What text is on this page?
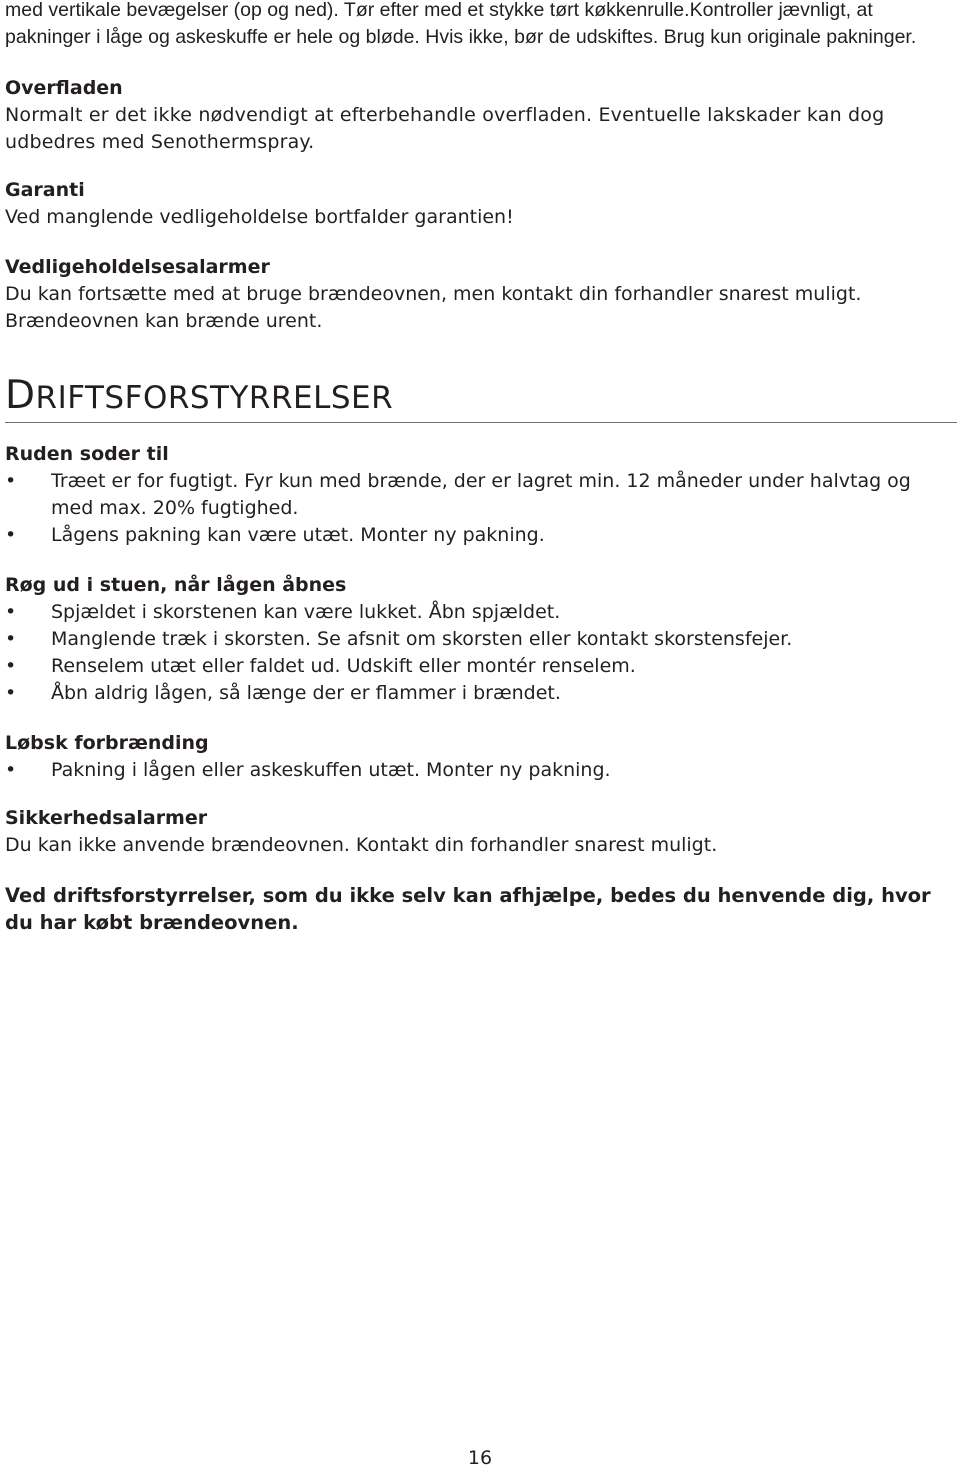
med vertikale bevægelser (op og ned). Tør efter med et stykke tørt køkkenrulle.Kontroller jævnligt, at pakninger i låge og askeskuffe er hele og bløde. Hvis ikke, bør de udskiftes. Brug kun originale pakninger.

Overfladen

Normalt er det ikke nødvendigt at efterbehandle overfladen. Eventuelle lakskader kan dog udbedres med Senothermspray.

Garanti

Ved manglende vedligeholdelse bortfalder garantien!

Vedligeholdelsesalarmer

Du kan fortsætte med at bruge brændeovnen, men kontakt din forhandler snarest muligt. Brændeovnen kan brænde urent.

DRIFTSFORSTYRRELSER

Ruden soder til

• Træet er for fugtigt. Fyr kun med brænde, der er lagret min. 12 måneder under halvtag og med max. 20% fugtighed.
• Lågens pakning kan være utæt. Monter ny pakning.

Røg ud i stuen, når lågen åbnes

• Spjældet i skorstenen kan være lukket. Åbn spjældet.
• Manglende træk i skorsten. Se afsnit om skorsten eller kontakt skorstensfejer.
• Renselem utæt eller faldet ud. Udskift eller montér renselem.
• Åbn aldrig lågen, så længe der er flammer i brændet.

Løbsk forbrænding

• Pakning i lågen eller askeskuffen utæt. Monter ny pakning.

Sikkerhedsalarmer

Du kan ikke anvende brændeovnen. Kontakt din forhandler snarest muligt.

Ved driftsforstyrrelser, som du ikke selv kan afhjælpe, bedes du henvende dig, hvor du har købt brændeovnen.

16
